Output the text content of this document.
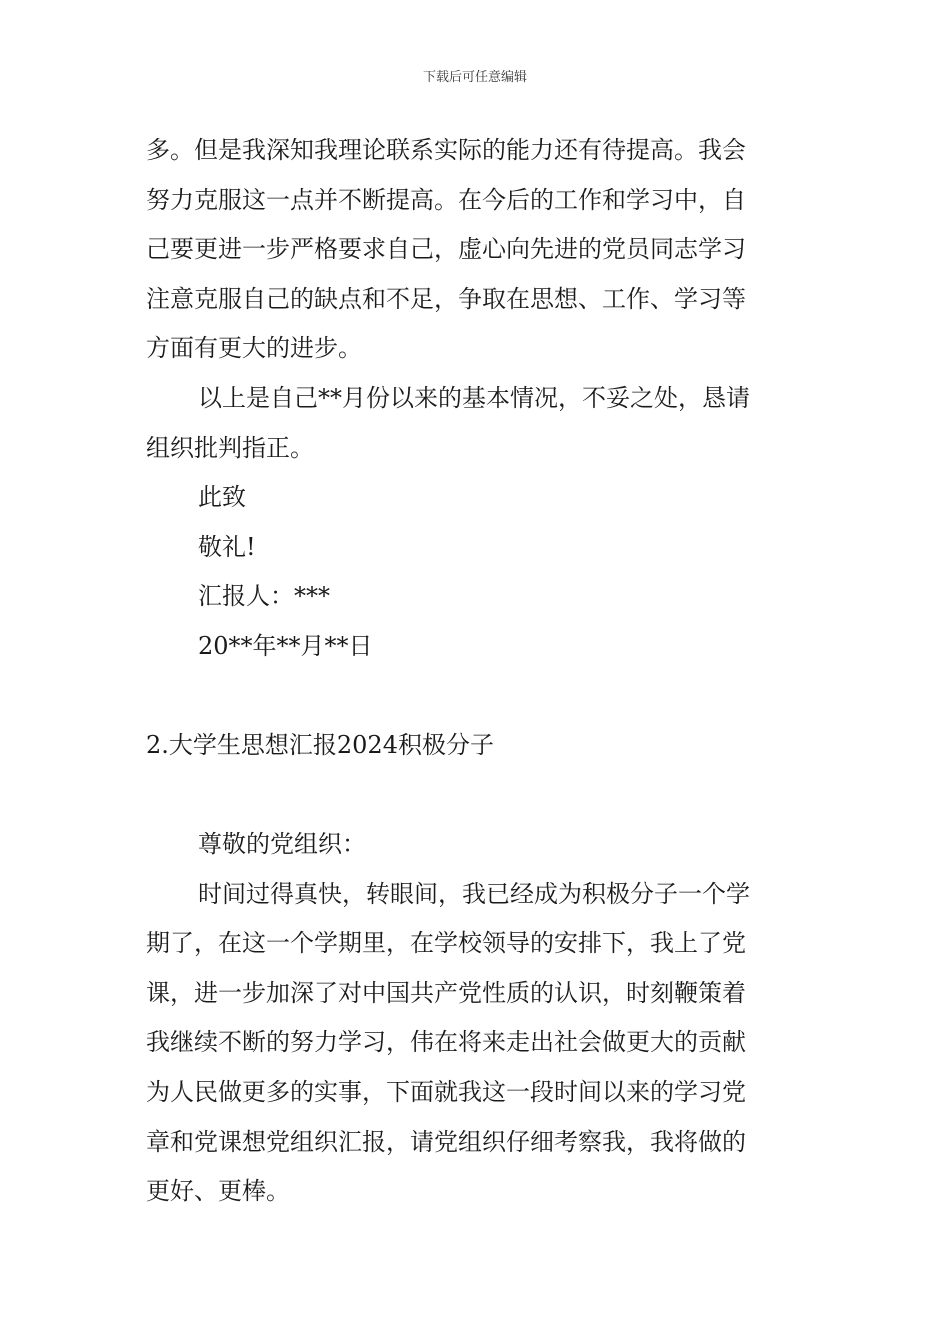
下载后可任意编辑
多。但是我深知我理论联系实际的能力还有待提高。我会
努力克服这一点并不断提高。在今后的工作和学习中，自
己要更进一步严格要求自己，虚心向先进的党员同志学习
注意克服自己的缺点和不足，争取在思想、工作、学习等
方面有更大的进步。
以上是自己**月份以来的基本情况，不妥之处，恳请
组织批判指正。
此致
敬礼!
汇报人：***
20**年**月**日
2.大学生思想汇报2024积极分子
尊敬的党组织：
时间过得真快，转眼间，我已经成为积极分子一个学
期了，在这一个学期里，在学校领导的安排下，我上了党
课，进一步加深了对中国共产党性质的认识，时刻鞭策着
我继续不断的努力学习，伟在将来走出社会做更大的贡献
为人民做更多的实事，下面就我这一段时间以来的学习党
章和党课想党组织汇报，请党组织仔细考察我，我将做的
更好、更棒。
